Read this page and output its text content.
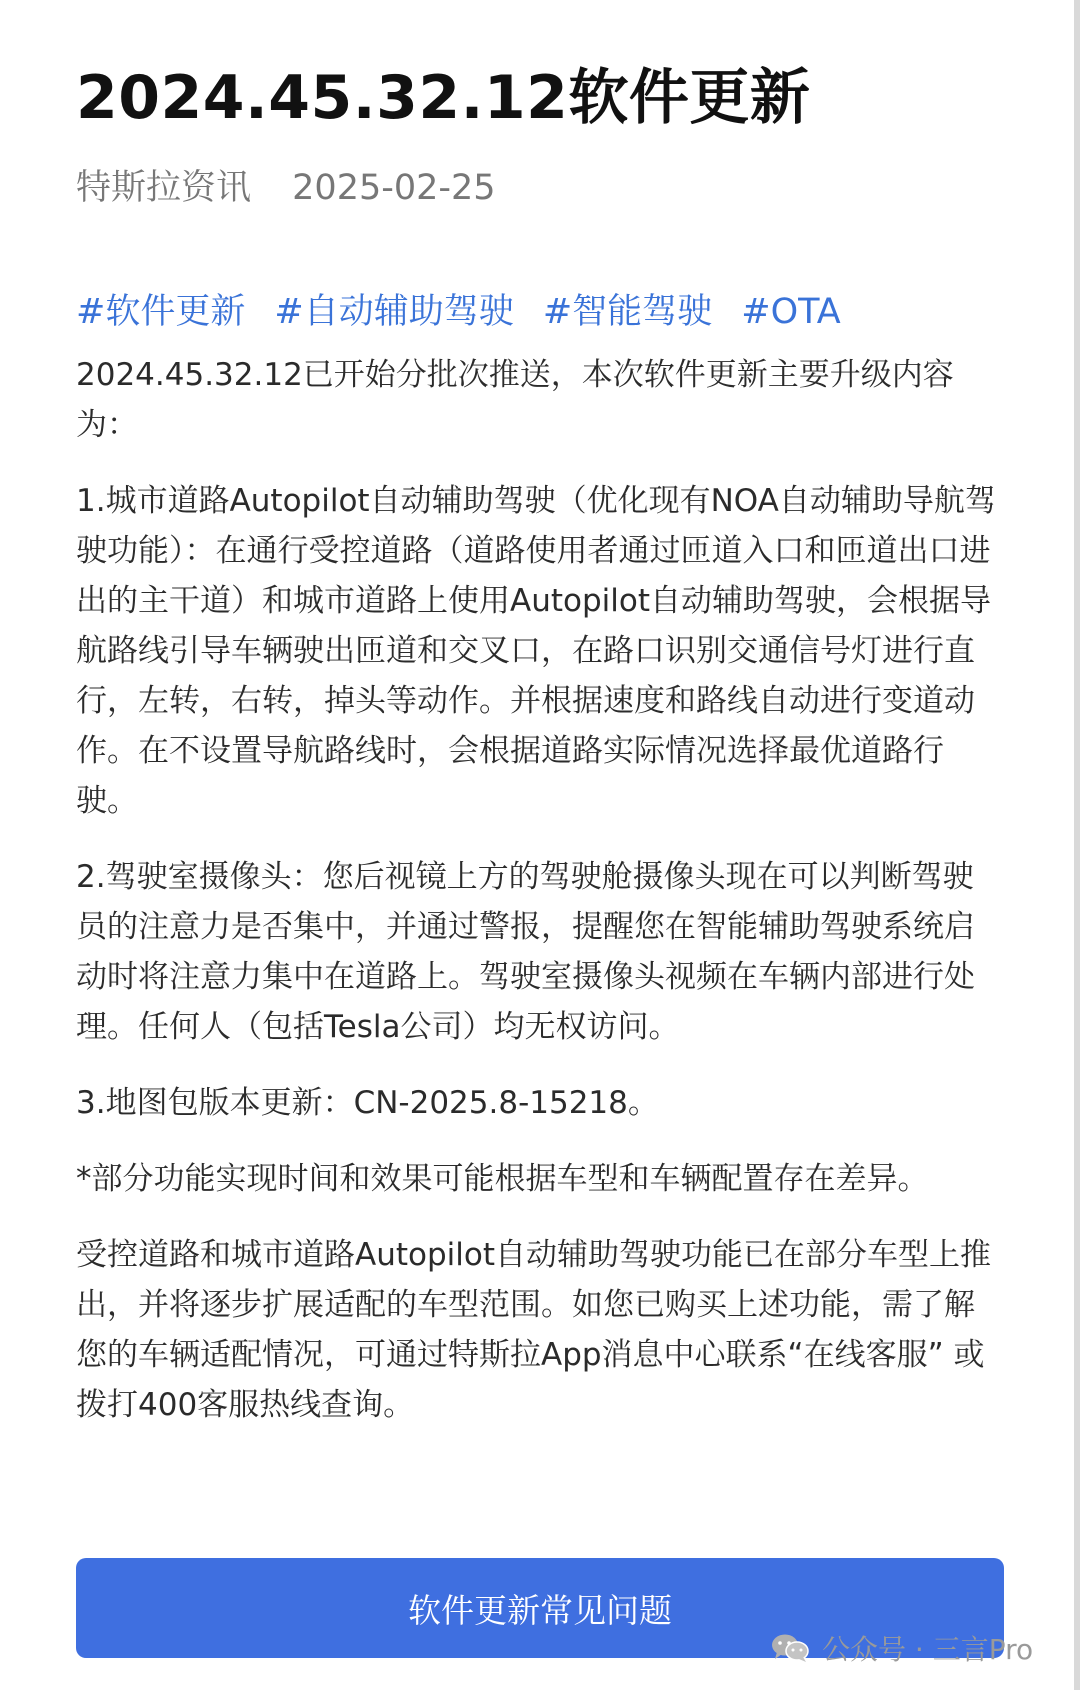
2024.45.32.12软件更新
特斯拉资讯 2025-02-25
#软件更新 #自动辅助驾驶 #智能驾驶 #OTA

2024.45.32.12已开始分批次推送，本次软件更新主要升级内容为：

1.城市道路Autopilot自动辅助驾驶（优化现有NOA自动辅助导航驾驶功能）：在通行受控道路（道路使用者通过匝道入口和匝道出口进出的主干道）和城市道路上使用Autopilot自动辅助驾驶，会根据导航路线引导车辆驶出匝道和交叉口，在路口识别交通信号灯进行直行，左转，右转，掉头等动作。并根据速度和路线自动进行变道动作。在不设置导航路线时，会根据道路实际情况选择最优道路行驶。

2.驾驶室摄像头：您后视镜上方的驾驶舱摄像头现在可以判断驾驶员的注意力是否集中，并通过警报，提醒您在智能辅助驾驶系统启动时将注意力集中在道路上。驾驶室摄像头视频在车辆内部进行处理。任何人（包括Tesla公司）均无权访问。

3.地图包版本更新：CN-2025.8-15218。

*部分功能实现时间和效果可能根据车型和车辆配置存在差异。

受控道路和城市道路Autopilot自动辅助驾驶功能已在部分车型上推出，并将逐步扩展适配的车型范围。如您已购买上述功能，需了解您的车辆适配情况，可通过特斯拉App消息中心联系“在线客服” 或拨打400客服热线查询。

软件更新常见问题
公众号 · 三言Pro
